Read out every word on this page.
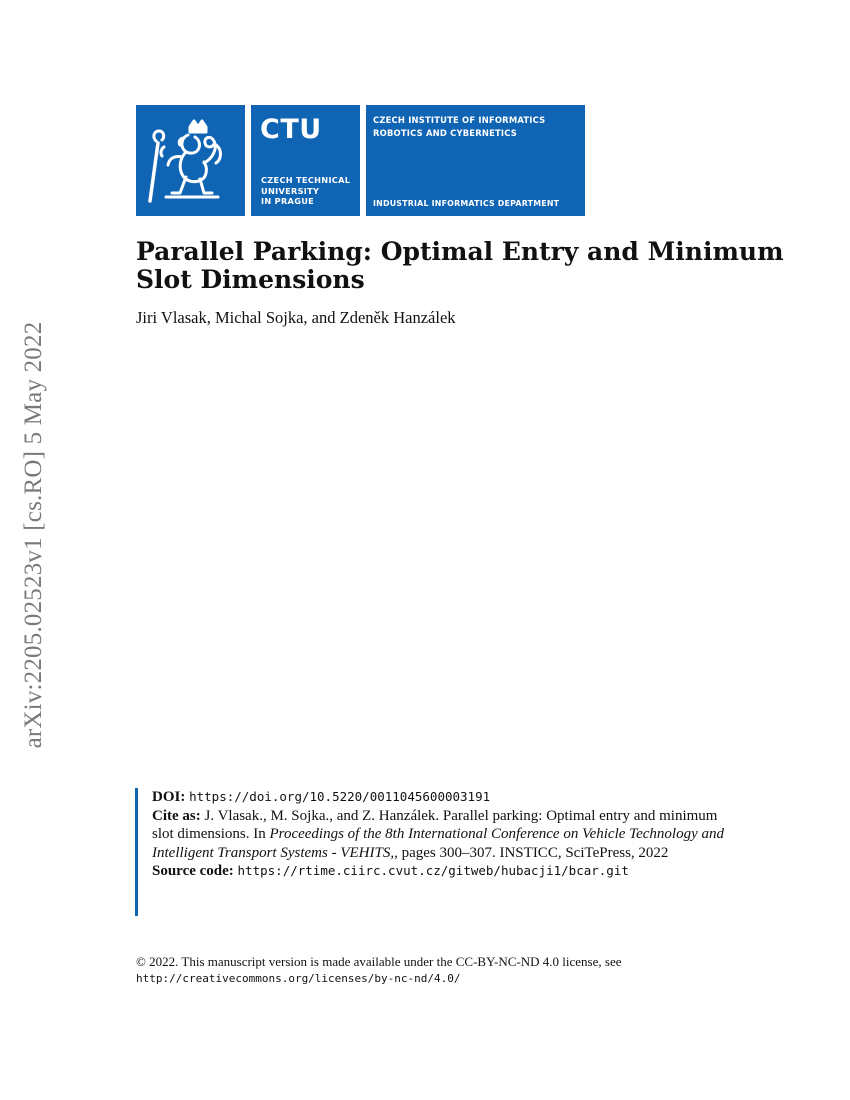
arXiv:2205.02523v1 [cs.RO] 5 May 2022
CTU
CZECH TECHNICAL
UNIVERSITY
IN PRAGUE
CZECH INSTITUTE OF INFORMATICS
ROBOTICS AND CYBERNETICS
INDUSTRIAL INFORMATICS DEPARTMENT
Parallel Parking: Optimal Entry and Minimum
Slot Dimensions
Jiri Vlasak, Michal Sojka, and Zdeněk Hanzálek

DOI: https://doi.org/10.5220/0011045600003191

Cite as: J. Vlasak., M. Sojka., and Z. Hanzálek. Parallel parking: Optimal entry and minimum slot dimensions. In Proceedings of the 8th International Conference on Vehicle Technology and Intelligent Transport Systems - VEHITS,, pages 300–307. INSTICC, SciTePress, 2022

Source code: https://rtime.ciirc.cvut.cz/gitweb/hubacji1/bcar.git

© 2022. This manuscript version is made available under the CC-BY-NC-ND 4.0 license, see
http://creativecommons.org/licenses/by-nc-nd/4.0/
